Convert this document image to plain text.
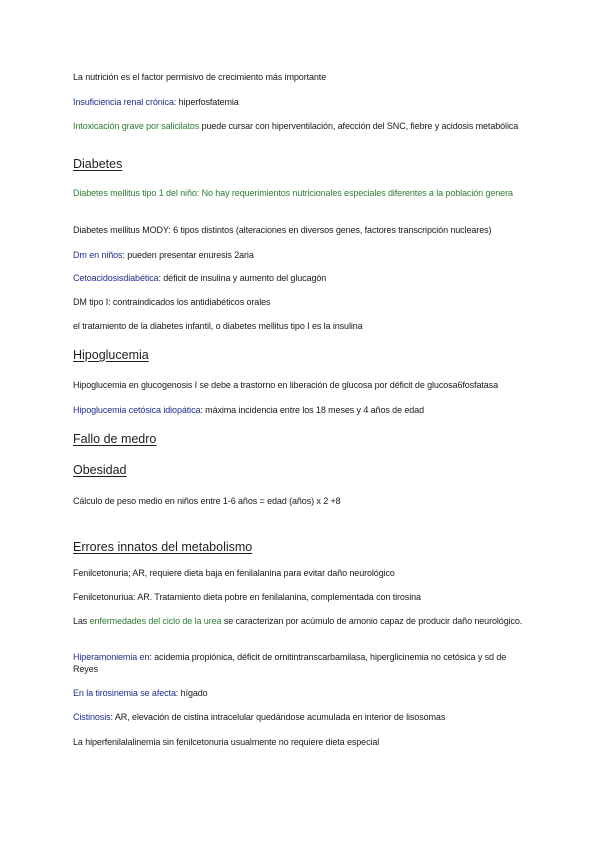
La nutrición es el factor permisivo de crecimiento más importante
Insuficiencia renal crónica: hiperfosfatemia
Intoxicación grave por salicilatos puede cursar con hiperventilación, afección del SNC, fiebre y acidosis metabólica
Diabetes
Diabetes mellitus tipo 1 del niño: No hay requerimientos nutricionales especiales diferentes a la población genera
Diabetes mellitus MODY: 6 tipos distintos (alteraciones en diversos genes, factores transcripción nucleares)
Dm en niños: pueden presentar enuresis 2aria
Cetoacidosisdiabética: déficit de insulina y aumento del glucagón
DM tipo I: contraindicados los antidiabéticos orales
el tratamiento de la diabetes infantil, o diabetes mellitus tipo I es la insulina
Hipoglucemia
Hipoglucemia en glucogenosis I se debe a trastorno en liberación de glucosa por déficit de glucosa6fosfatasa
Hipoglucemia cetósica idiopática: máxima incidencia entre los 18 meses y 4 años de edad
Fallo de medro
Obesidad
Cálculo de peso medio en niños entre 1-6 años = edad (años) x 2 +8
Errores innatos del metabolismo
Fenilcetonuria; AR, requiere dieta baja en fenilalanina para evitar daño neurológico
Fenilcetonuriua: AR. Tratamiento dieta pobre en fenilalanina, complementada con tirosina
Las enfermedades del ciclo de la urea se caracterizan por acúmulo de amonio capaz de producir daño neurológico.
Hiperamoniemia en: acidemia propiónica, déficit de ornitintranscarbamilasa, hiperglicinemia no cetósica y sd de Reyes
En la tirosinemia se afecta: hígado
Cistinosis: AR, elevación de cistina intracelular quedándose acumulada en interior de lisosomas
La hiperfenilalalinemia sin fenilcetonuria usualmente no requiere dieta especial
